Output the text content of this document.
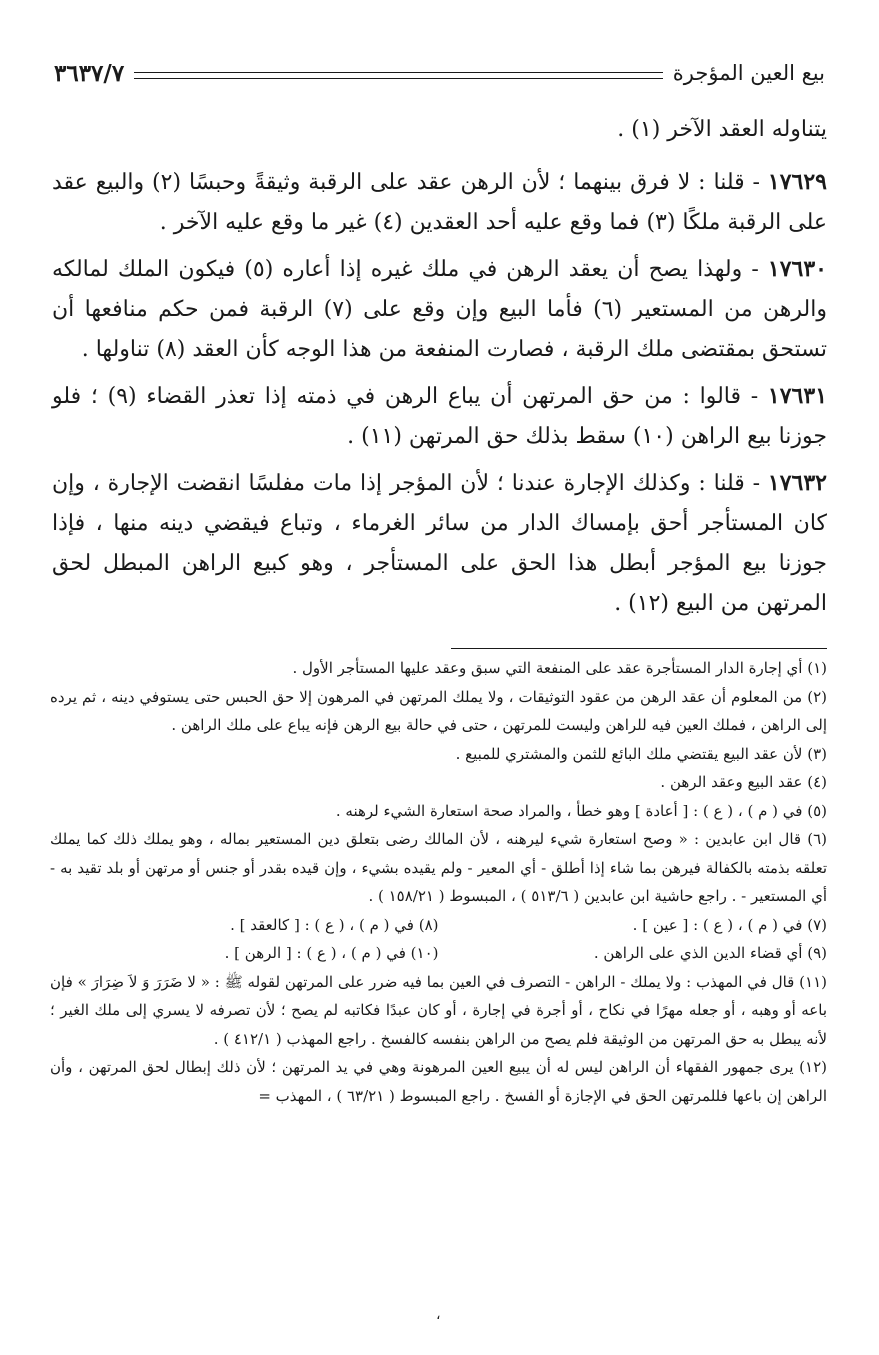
بيع العين المؤجرة
٣٦٣٧/٧

يتناوله العقد الآخر (١) .

١٧٦٢٩ - قلنا : لا فرق بينهما ؛ لأن الرهن عقد على الرقبة وثيقةً وحبسًا (٢) والبيع عقد على الرقبة ملكًا (٣) فما وقع عليه أحد العقدين (٤) غير ما وقع عليه الآخر .

١٧٦٣٠ - ولهذا يصح أن يعقد الرهن في ملك غيره إذا أعاره (٥) فيكون الملك لمالكه والرهن من المستعير (٦) فأما البيع وإن وقع على (٧) الرقبة فمن حكم منافعها أن تستحق بمقتضى ملك الرقبة ، فصارت المنفعة من هذا الوجه كأن العقد (٨) تناولها .

١٧٦٣١ - قالوا : من حق المرتهن أن يباع الرهن في ذمته إذا تعذر القضاء (٩) ؛ فلو جوزنا بيع الراهن (١٠) سقط بذلك حق المرتهن (١١) .

١٧٦٣٢ - قلنا : وكذلك الإجارة عندنا ؛ لأن المؤجر إذا مات مفلسًا انقضت الإجارة ، وإن كان المستأجر أحق بإمساك الدار من سائر الغرماء ، وتباع فيقضي دينه منها ، فإذا جوزنا بيع المؤجر أبطل هذا الحق على المستأجر ، وهو كبيع الراهن المبطل لحق المرتهن من البيع (١٢) .

(١) أي إجارة الدار المستأجرة عقد على المنفعة التي سبق وعقد عليها المستأجر الأول .

(٢) من المعلوم أن عقد الرهن من عقود التوثيقات ، ولا يملك المرتهن في المرهون إلا حق الحبس حتى يستوفي دينه ، ثم يرده إلى الراهن ، فملك العين فيه للراهن وليست للمرتهن ، حتى في حالة بيع الرهن فإنه يباع على ملك الراهن .

(٣) لأن عقد البيع يقتضي ملك البائع للثمن والمشتري للمبيع .

(٤) عقد البيع وعقد الرهن .

(٥) في ( م ) ، ( ع ) : [ أعادة ] وهو خطأ ، والمراد صحة استعارة الشيء لرهنه .

(٦) قال ابن عابدين : « وصح استعارة شيء ليرهنه ، لأن المالك رضى بتعلق دين المستعير بماله ، وهو يملك ذلك كما يملك تعلقه بذمته بالكفالة فيرهن بما شاء إذا أطلق - أي المعير - ولم يقيده بشيء ، وإن قيده بقدر أو جنس أو مرتهن أو بلد تقيد به - أي المستعير - . راجع حاشية ابن عابدين ( ٥١٣/٦ ) ، المبسوط ( ١٥٨/٢١ ) .

(٧) في ( م ) ، ( ع ) : [ عين ] .
(٨) في ( م ) ، ( ع ) : [ كالعقد ] .
(٩) أي قضاء الدين الذي على الراهن .
(١٠) في ( م ) ، ( ع ) : [ الرهن ] .

(١١) قال في المهذب : ولا يملك - الراهن - التصرف في العين بما فيه ضرر على المرتهن لقوله ﷺ : « لا ضَرَرَ وَ لاَ ضِرَارَ » فإن باعه أو وهبه ، أو جعله مهرًا في نكاح ، أو أجرة في إجارة ، أو كان عبدًا فكاتبه لم يصح ؛ لأن تصرفه لا يسري إلى ملك الغير ؛ لأنه يبطل به حق المرتهن من الوثيقة فلم يصح من الراهن بنفسه كالفسخ . راجع المهذب ( ٤١٢/١ ) .

(١٢) يرى جمهور الفقهاء أن الراهن ليس له أن يبيع العين المرهونة وهي في يد المرتهن ؛ لأن ذلك إبطال لحق المرتهن ، وأن الراهن إن باعها فللمرتهن الحق في الإجازة أو الفسخ . راجع المبسوط ( ٦٣/٢١ ) ، المهذب =

،
